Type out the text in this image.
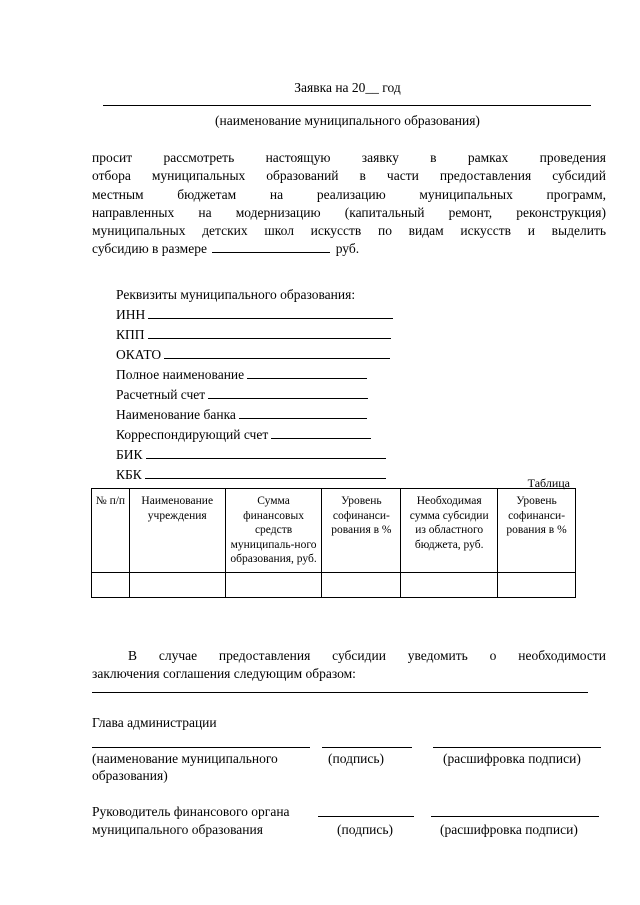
Заявка на 20__ год
(наименование муниципального образования)
просит рассмотреть настоящую заявку в рамках проведения
отбора муниципальных образований в части предоставления субсидий
местным бюджетам на реализацию муниципальных программ,
направленных на модернизацию (капитальный ремонт, реконструкция)
муниципальных детских школ искусств по видам искусств и выделить
субсидию в размере	руб.
Реквизиты муниципального образования:
ИНН
КПП
ОКАТО
Полное наименование
Расчетный счет
Наименование банка
Корреспондирующий счет
БИК
КБК
Таблица
№ п/п	Наименование учреждения	Сумма финансовых средств муниципаль-ного образования, руб.	Уровень софинанси-рования в %	Необходимая сумма субсидии из областного бюджета, руб.	Уровень софинанси-рования в %

В случае предоставления субсидии уведомить о необходимости
заключения соглашения следующим образом:
Глава администрации
(наименование муниципального
образования)
(подпись)	(расшифровка подписи)
Руководитель финансового органа
муниципального образования	(подпись)	(расшифровка подписи)
